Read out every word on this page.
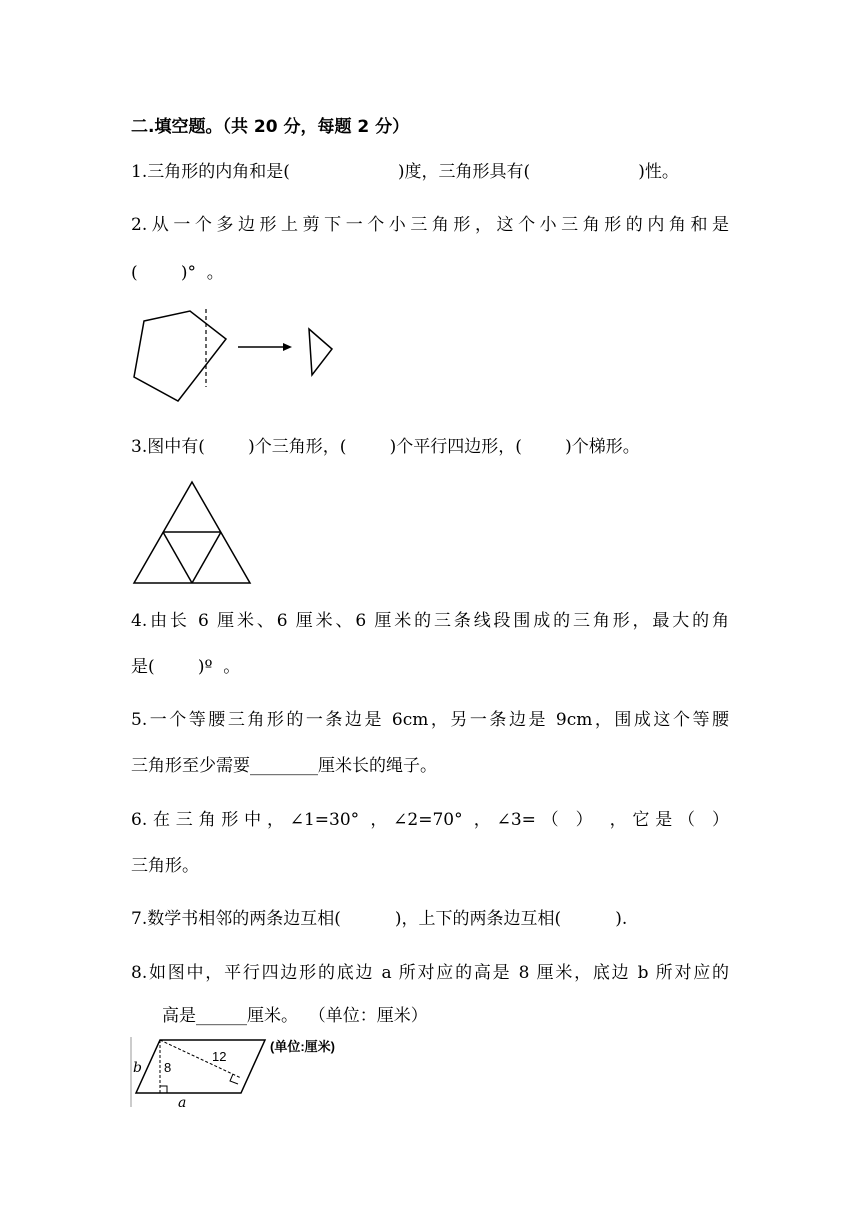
二.填空题。（共 20 分，每题 2 分）
1.三角形的内角和是(                    )度，三角形具有(                    )性。
2.从一个多边形上剪下一个小三角形，这个小三角形的内角和是
(        )°  。
3.图中有(        )个三角形，(        )个平行四边形，(        )个梯形。
4.由长 6 厘米、6 厘米、6 厘米的三条线段围成的三角形，最大的角
是(        )º  。
5.一个等腰三角形的一条边是 6cm，另一条边是 9cm，围成这个等腰
三角形至少需要________厘米长的绳子。
6.在三角形中，∠1=30° ，∠2=70° ，∠3=（ ） ，它是（ ）
三角形。
7.数学书相邻的两条边互相(          )，上下的两条边互相(          ).
8.如图中，平行四边形的底边 a 所对应的高是 8 厘米，底边 b 所对应的
高是______厘米。  （单位：厘米）
8
12
b
a
(单位:厘米)
